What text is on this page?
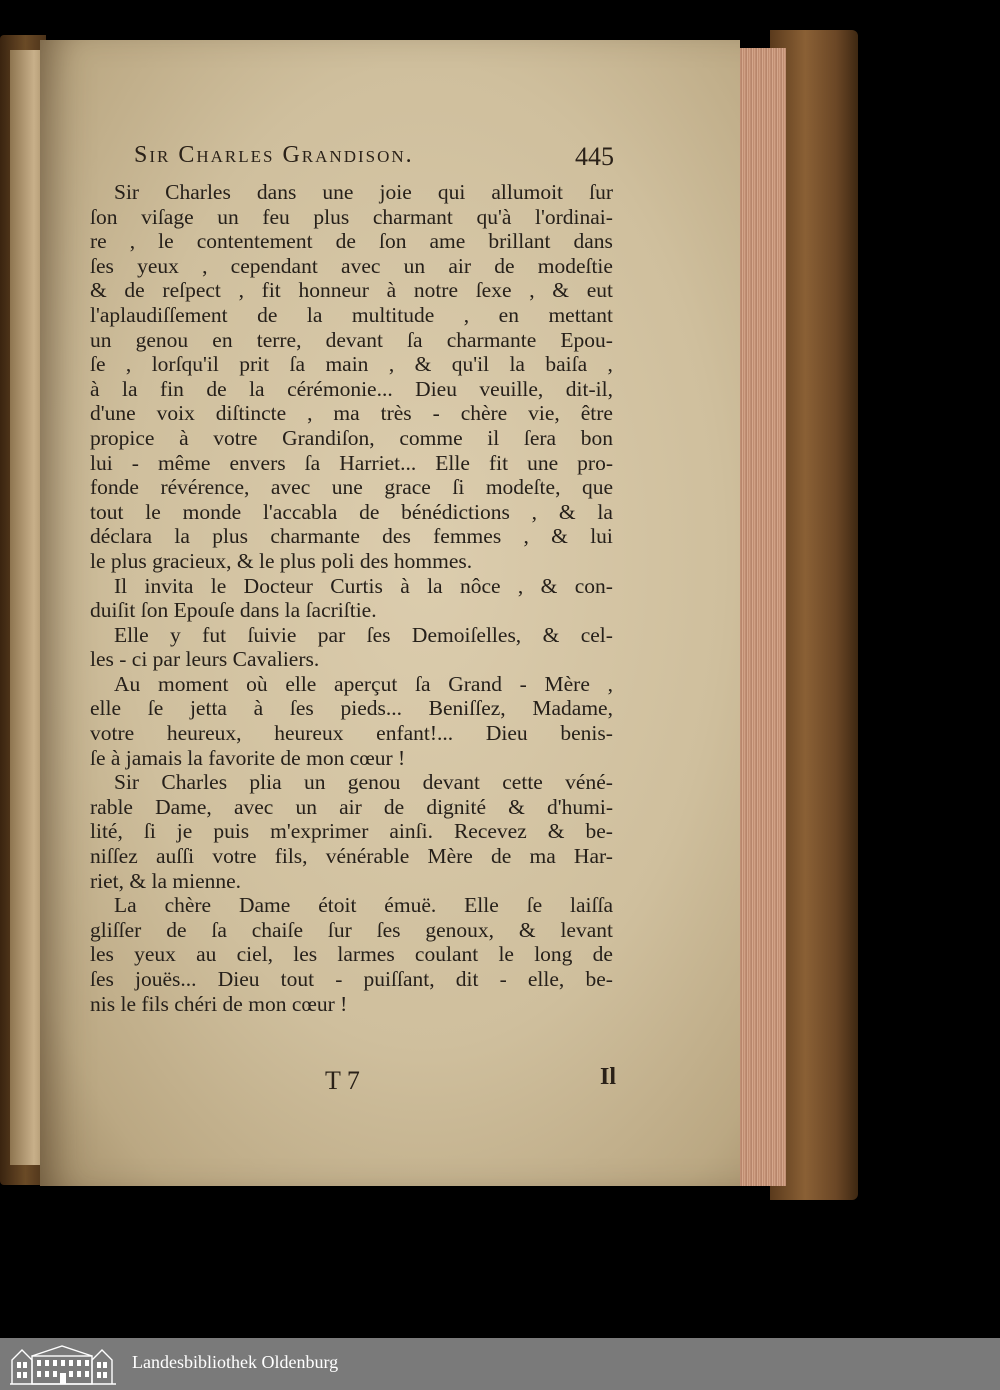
Sir Charles Grandison.	445
Sir Charles dans une joie qui allumoit ſur
ſon viſage un feu plus charmant qu'à l'ordinai-
re , le contentement de ſon ame brillant dans
ſes yeux , cependant avec un air de modeſtie
& de reſpect , fit honneur à notre ſexe , & eut
l'aplaudiſſement de la multitude , en mettant
un genou en terre, devant ſa charmante Epou-
ſe , lorſqu'il prit ſa main , & qu'il la baiſa ,
à la fin de la cérémonie... Dieu veuille, dit-il,
d'une voix diſtincte , ma très - chère vie, être
propice à votre Grandiſon, comme il ſera bon
lui - même envers ſa Harriet... Elle fit une pro-
fonde révérence, avec une grace ſi modeſte, que
tout le monde l'accabla de bénédictions , & la
déclara la plus charmante des femmes , & lui
le plus gracieux, & le plus poli des hommes.
Il invita le Docteur Curtis à la nôce , & con-
duiſit ſon Epouſe dans la ſacriſtie.
Elle y fut ſuivie par ſes Demoiſelles, & cel-
les - ci par leurs Cavaliers.
Au moment où elle aperçut ſa Grand - Mère ,
elle ſe jetta à ſes pieds... Beniſſez, Madame,
votre heureux, heureux enfant!... Dieu benis-
ſe à jamais la favorite de mon cœur !
Sir Charles plia un genou devant cette véné-
rable Dame, avec un air de dignité & d'humi-
lité, ſi je puis m'exprimer ainſi. Recevez & be-
niſſez auſſi votre fils, vénérable Mère de ma Har-
riet, & la mienne.
La chère Dame étoit émuë. Elle ſe laiſſa
gliſſer de ſa chaiſe ſur ſes genoux, & levant
les yeux au ciel, les larmes coulant le long de
ſes jouës... Dieu tout - puiſſant, dit - elle, be-
nis le fils chéri de mon cœur !
T 7	Il
Landesbibliothek Oldenburg
